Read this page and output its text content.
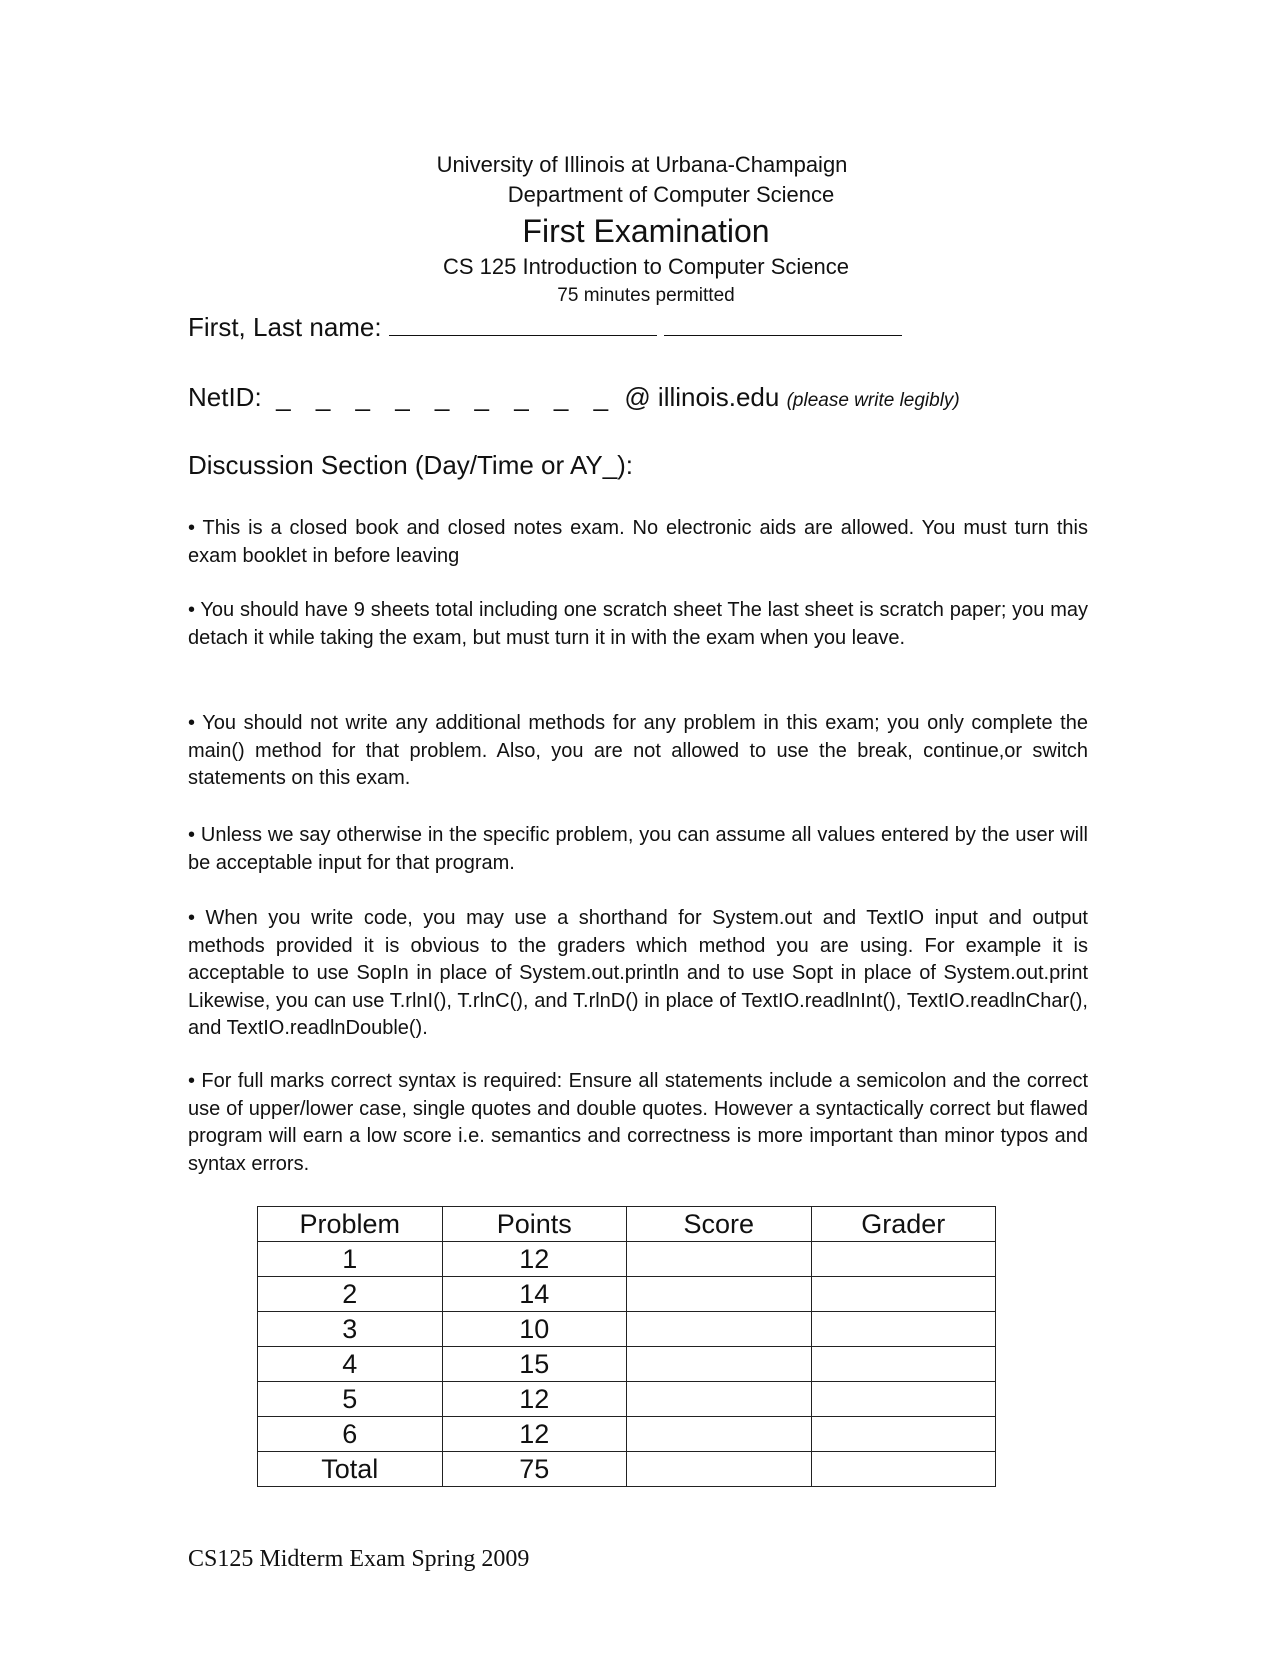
University of Illinois at Urbana-Champaign
Department of Computer Science
First Examination
CS 125 Introduction to Computer Science
75 minutes permitted
First, Last name:
NetID: _ _ _ _ _ _ _ _ _ @ illinois.edu (please write legibly)
Discussion Section (Day/Time or AY_):
• This is a closed book and closed notes exam. No electronic aids are allowed. You must turn this exam booklet in before leaving
• You should have 9 sheets total including one scratch sheet The last sheet is scratch paper; you may detach it while taking the exam, but must turn it in with the exam when you leave.
• You should not write any additional methods for any problem in this exam; you only complete the main() method for that problem. Also, you are not allowed to use the break, continue,or switch statements on this exam.
• Unless we say otherwise in the specific problem, you can assume all values entered by the user will be acceptable input for that program.
• When you write code, you may use a shorthand for System.out and TextIO input and output methods provided it is obvious to the graders which method you are using. For example it is acceptable to use SopIn in place of System.out.println and to use Sopt in place of System.out.print Likewise, you can use T.rlnI(), T.rlnC(), and T.rlnD() in place of TextIO.readlnInt(), TextIO.readlnChar(), and TextIO.readlnDouble().
• For full marks correct syntax is required: Ensure all statements include a semicolon and the correct use of upper/lower case, single quotes and double quotes. However a syntactically correct but flawed program will earn a low score i.e. semantics and correctness is more important than minor typos and syntax errors.
Problem	Points	Score	Grader
1	12		
2	14		
3	10		
4	15		
5	12		
6	12		
Total	75		
CS125 Midterm Exam Spring 2009
